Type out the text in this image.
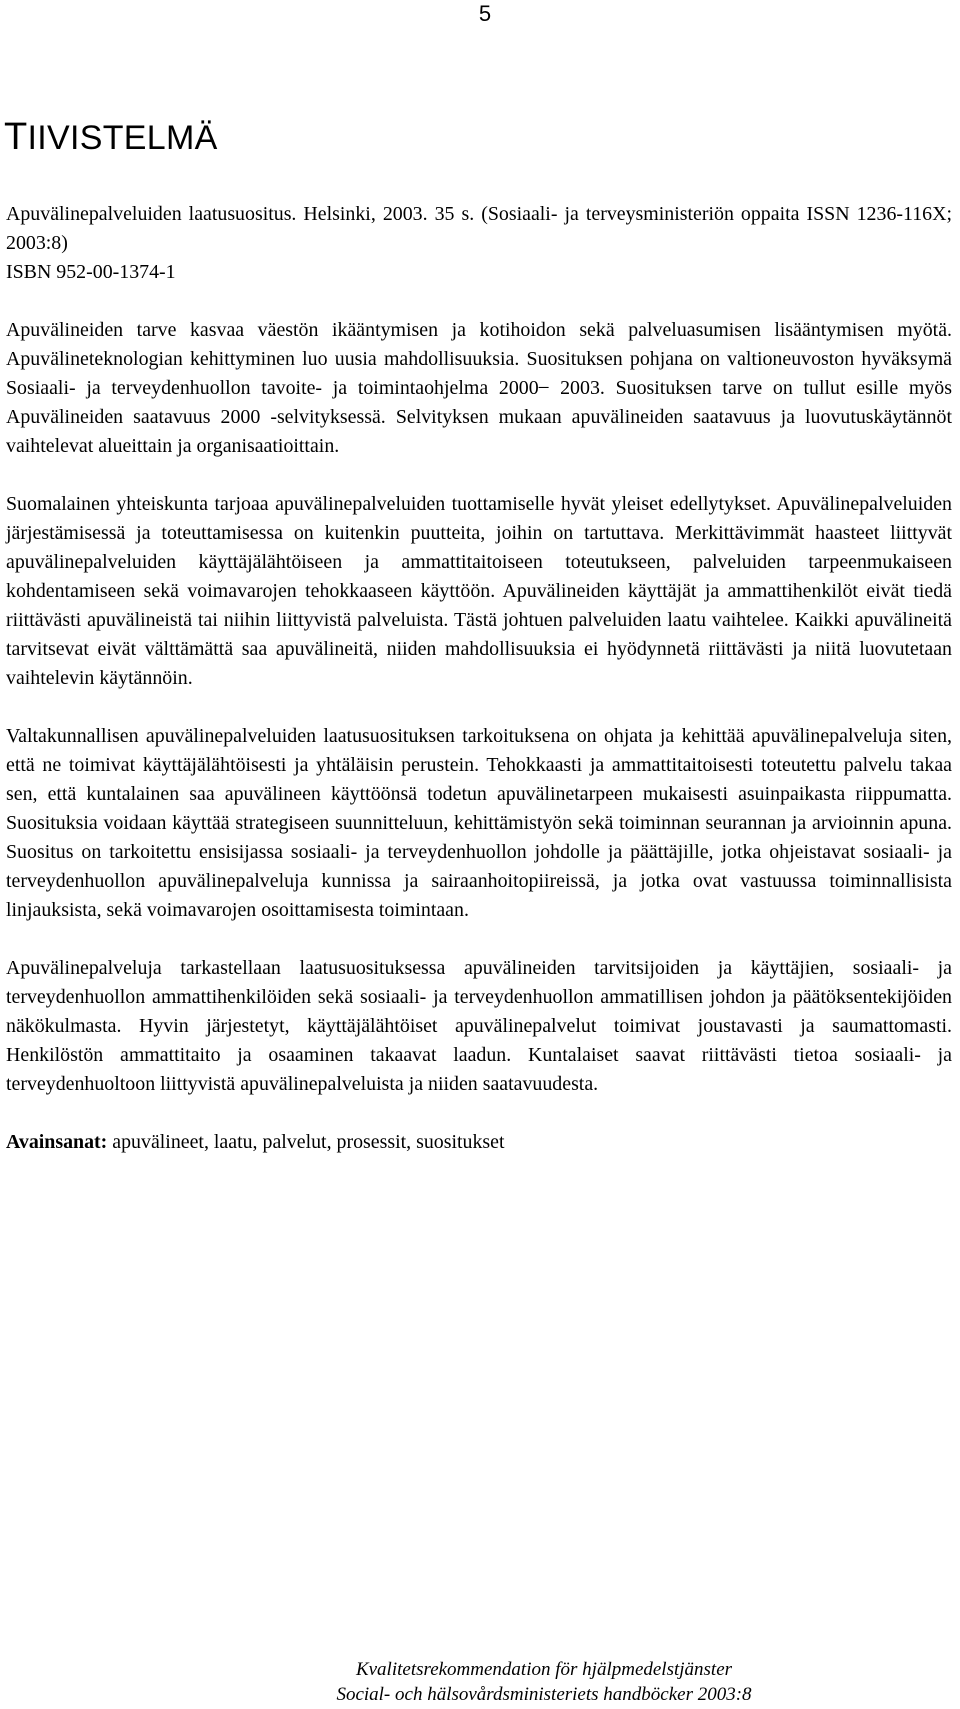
5
TIIVISTELMÄ

Apuvälinepalveluiden laatusuositus. Helsinki, 2003. 35 s. (Sosiaali- ja terveysministeriön oppaita ISSN 1236-116X; 2003:8)

ISBN 952-00-1374-1

Apuvälineiden tarve kasvaa väestön ikääntymisen ja kotihoidon sekä palveluasumisen lisääntymisen myötä. Apuvälineteknologian kehittyminen luo uusia mahdollisuuksia. Suosituksen pohjana on valtioneuvoston hyväksymä Sosiaali- ja terveydenhuollon tavoite- ja toimintaohjelma 2000 ̶ 2003. Suosituksen tarve on tullut esille myös Apuvälineiden saatavuus 2000 -selvityksessä. Selvityksen mukaan apuvälineiden saatavuus ja luovutuskäytännöt vaihtelevat alueittain ja organisaatioittain.

Suomalainen yhteiskunta tarjoaa apuvälinepalveluiden tuottamiselle hyvät yleiset edellytykset. Apuvälinepalveluiden järjestämisessä ja toteuttamisessa on kuitenkin puutteita, joihin on tartuttava. Merkittävimmät haasteet liittyvät apuvälinepalveluiden käyttäjälähtöiseen ja ammattitaitoiseen toteutukseen, palveluiden tarpeenmukaiseen kohdentamiseen sekä voimavarojen tehokkaaseen käyttöön. Apuvälineiden käyttäjät ja ammattihenkilöt eivät tiedä riittävästi apuvälineistä tai niihin liittyvistä palveluista. Tästä johtuen palveluiden laatu vaihtelee. Kaikki apuvälineitä tarvitsevat eivät välttämättä saa apuvälineitä, niiden mahdollisuuksia ei hyödynnetä riittävästi ja niitä luovutetaan vaihtelevin käytännöin.

Valtakunnallisen apuvälinepalveluiden laatusuosituksen tarkoituksena on ohjata ja kehittää apuvälinepalveluja siten, että ne toimivat käyttäjälähtöisesti ja yhtäläisin perustein. Tehokkaasti ja ammattitaitoisesti toteutettu palvelu takaa sen, että kuntalainen saa apuvälineen käyttöönsä todetun apuvälinetarpeen mukaisesti asuinpaikasta riippumatta. Suosituksia voidaan käyttää strategiseen suunnitteluun, kehittämistyön sekä toiminnan seurannan ja arvioinnin apuna. Suositus on tarkoitettu ensisijassa sosiaali- ja terveydenhuollon johdolle ja päättäjille, jotka ohjeistavat sosiaali- ja terveydenhuollon apuvälinepalveluja kunnissa ja sairaanhoitopiireissä, ja jotka ovat vastuussa toiminnallisista linjauksista, sekä voimavarojen osoittamisesta toimintaan.

Apuvälinepalveluja tarkastellaan laatusuosituksessa apuvälineiden tarvitsijoiden ja käyttäjien, sosiaali- ja terveydenhuollon ammattihenkilöiden sekä sosiaali- ja terveydenhuollon ammatillisen johdon ja päätöksentekijöiden näkökulmasta. Hyvin järjestetyt, käyttäjälähtöiset apuvälinepalvelut toimivat joustavasti ja saumattomasti. Henkilöstön ammattitaito ja osaaminen takaavat laadun. Kuntalaiset saavat riittävästi tietoa sosiaali- ja terveydenhuoltoon liittyvistä apuvälinepalveluista ja niiden saatavuudesta.

Avainsanat: apuvälineet, laatu, palvelut, prosessit, suositukset

Kvalitetsrekommendation för hjälpmedelstjänster
Social- och hälsovårdsministeriets handböcker 2003:8
